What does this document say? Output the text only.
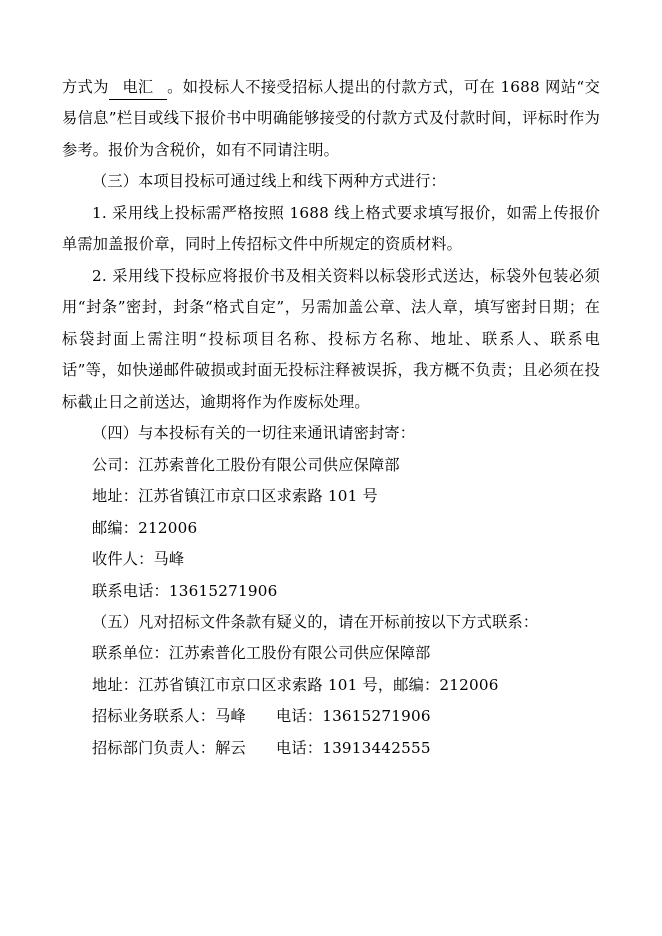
方式为 电汇 。如投标人不接受招标人提出的付款方式，可在 1688 网站“交易信息”栏目或线下报价书中明确能够接受的付款方式及付款时间，评标时作为参考。报价为含税价，如有不同请注明。

（三）本项目投标可通过线上和线下两种方式进行：

1. 采用线上投标需严格按照 1688 线上格式要求填写报价，如需上传报价单需加盖报价章，同时上传招标文件中所规定的资质材料。

2. 采用线下投标应将报价书及相关资料以标袋形式送达，标袋外包装必须用“封条”密封，封条“格式自定”，另需加盖公章、法人章，填写密封日期；在标袋封面上需注明“投标项目名称、投标方名称、地址、联系人、联系电话”等，如快递邮件破损或封面无投标注释被误拆，我方概不负责；且必须在投标截止日之前送达，逾期将作为作废标处理。

（四）与本投标有关的一切往来通讯请密封寄：

公司：江苏索普化工股份有限公司供应保障部

地址：江苏省镇江市京口区求索路 101 号

邮编：212006

收件人：马峰

联系电话：13615271906

（五）凡对招标文件条款有疑义的，请在开标前按以下方式联系：

联系单位：江苏索普化工股份有限公司供应保障部

地址：江苏省镇江市京口区求索路 101 号，邮编：212006

招标业务联系人：马峰 电话：13615271906

招标部门负责人：解云 电话：13913442555
